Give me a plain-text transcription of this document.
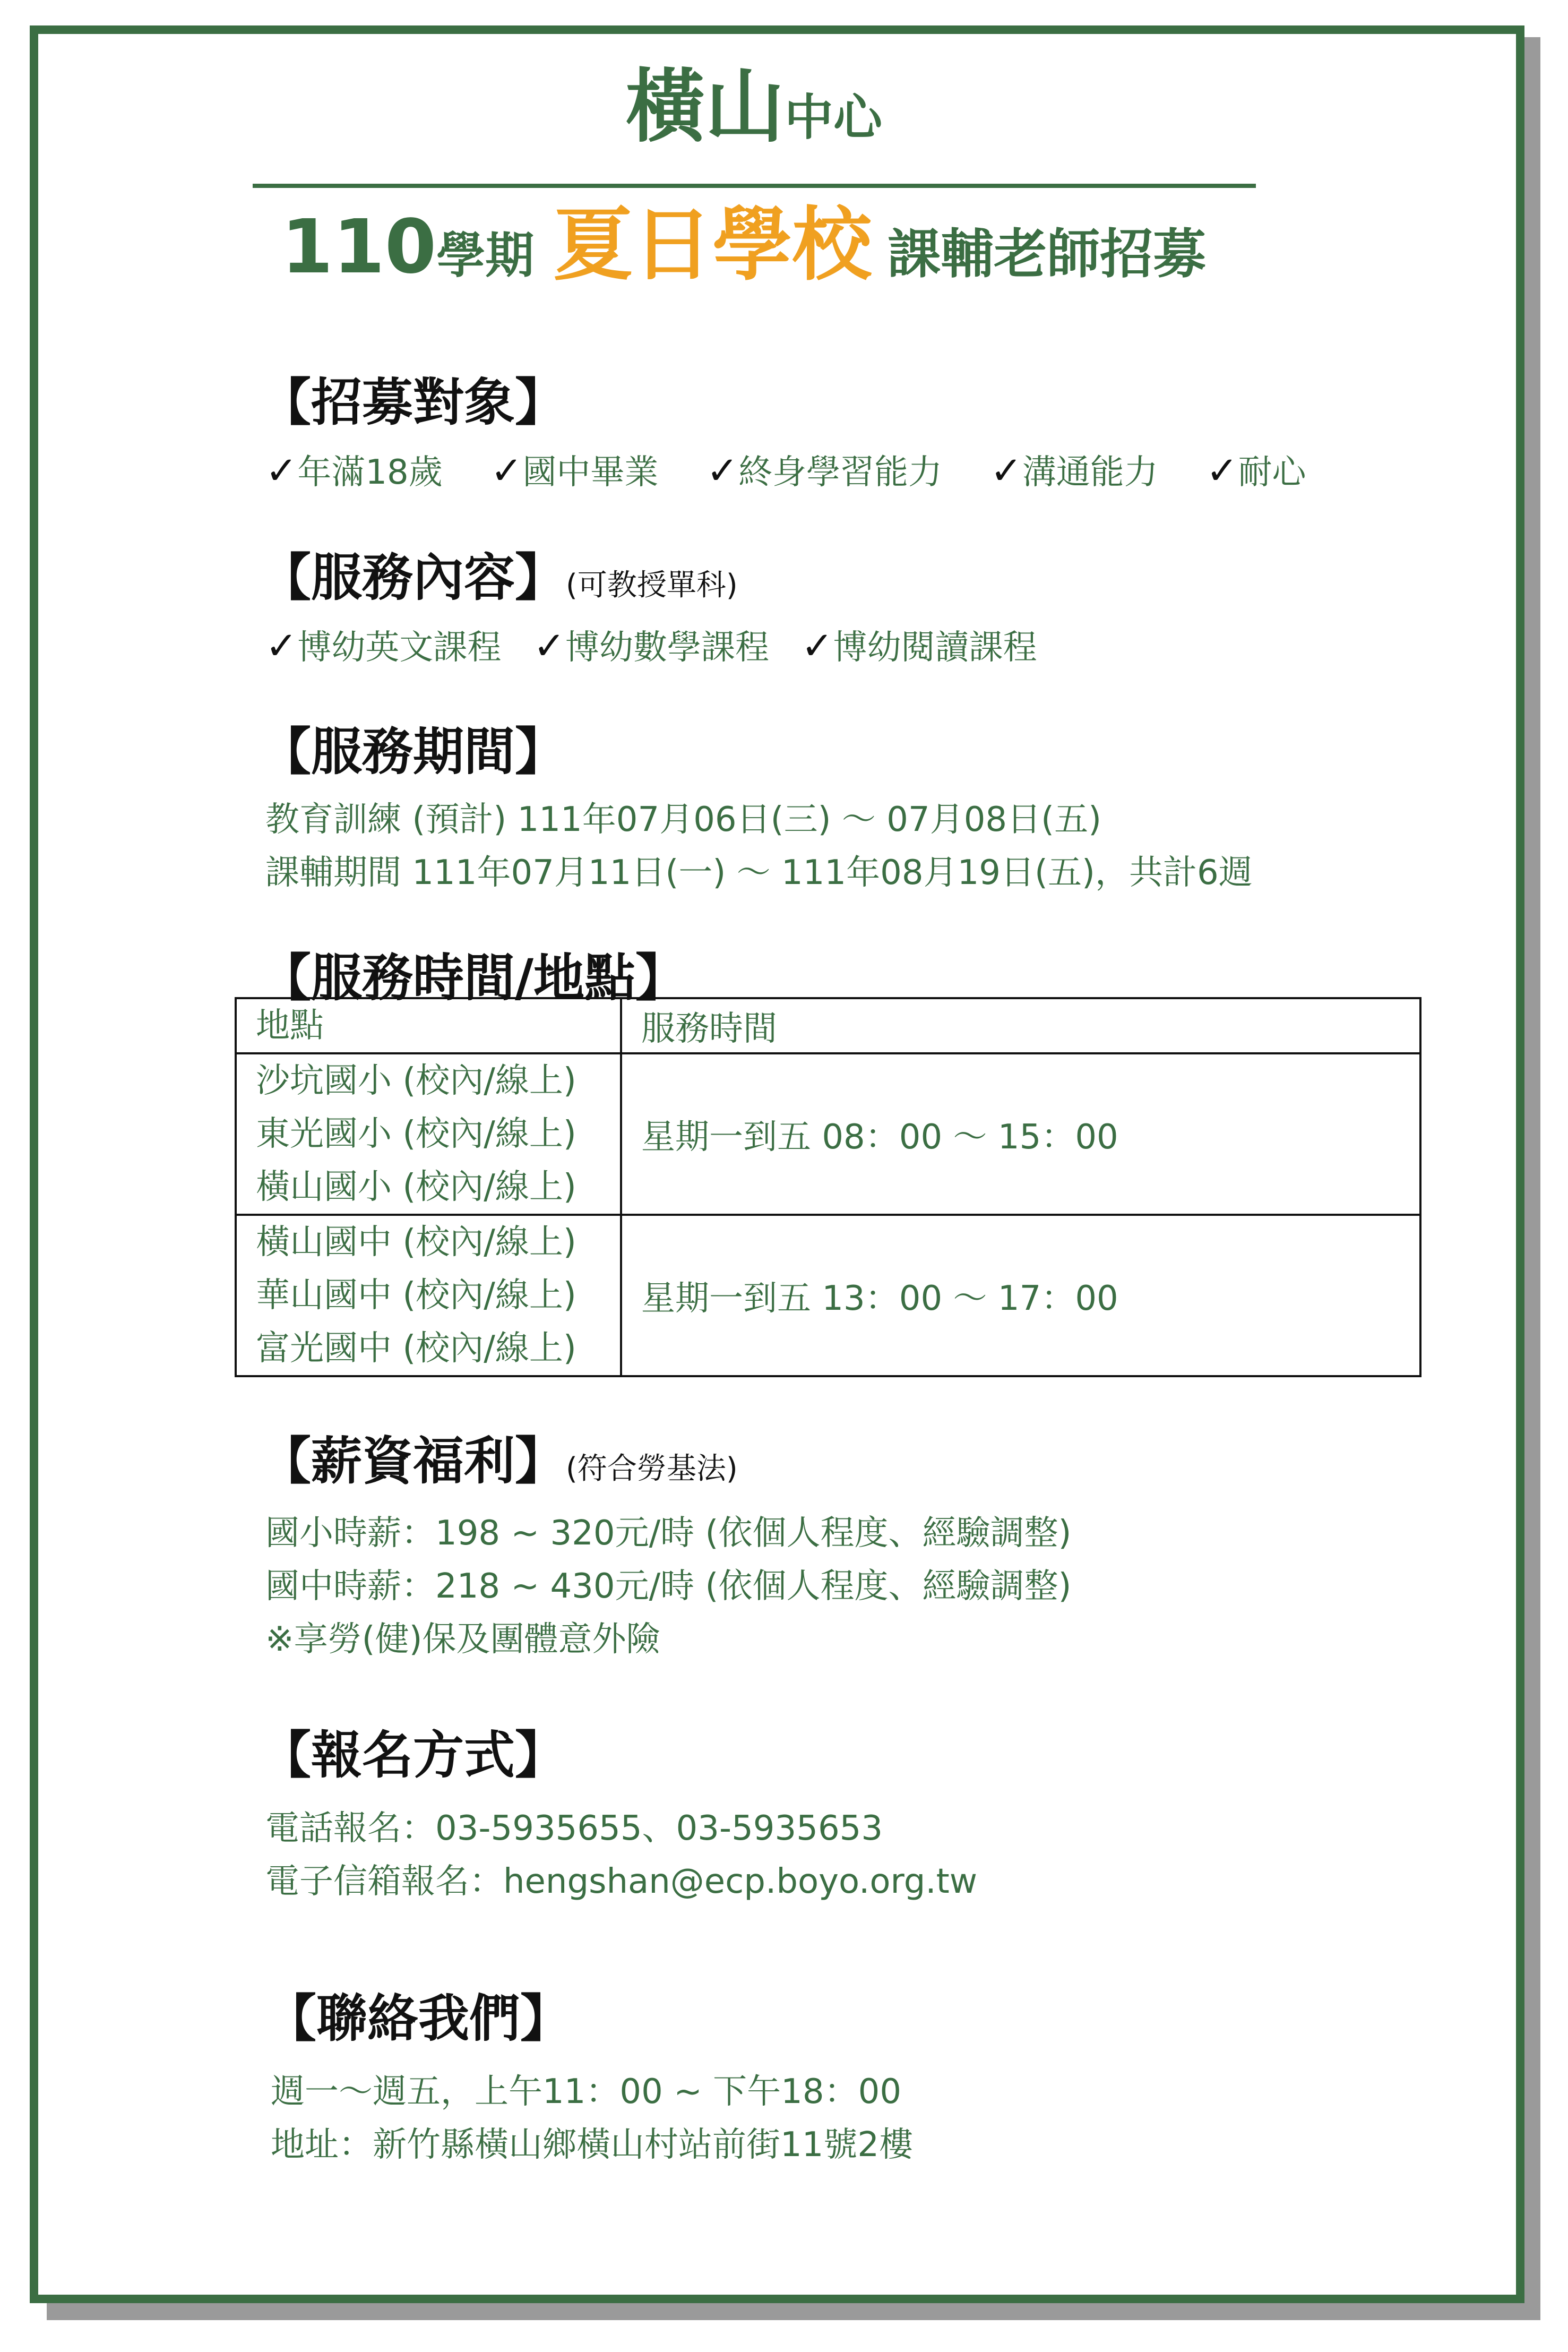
橫山中心
110學期 夏日學校 課輔老師招募
【招募對象】
✓年滿18歲 ✓國中畢業 ✓終身學習能力 ✓溝通能力 ✓耐心
【服務內容】(可教授單科)
✓博幼英文課程 ✓博幼數學課程 ✓博幼閱讀課程
【服務期間】
教育訓練 (預計) 111年07月06日(三) ～ 07月08日(五)
課輔期間 111年07月11日(一) ～ 111年08月19日(五)，共計6週
【服務時間/地點】
地點	服務時間

沙坑國小 (校內/線上)
東光國小 (校內/線上)
橫山國小 (校內/線上)	星期一到五 08：00 ～ 15：00

橫山國中 (校內/線上)
華山國中 (校內/線上)
富光國中 (校內/線上)	星期一到五 13：00 ～ 17：00
【薪資福利】(符合勞基法)
國小時薪：198 ~ 320元/時 (依個人程度、經驗調整)
國中時薪：218 ~ 430元/時 (依個人程度、經驗調整)
※享勞(健)保及團體意外險
【報名方式】
電話報名：03-5935655、03-5935653
電子信箱報名：hengshan@ecp.boyo.org.tw
【聯絡我們】
週一～週五，上午11：00 ~ 下午18：00
地址：新竹縣橫山鄉橫山村站前街11號2樓
